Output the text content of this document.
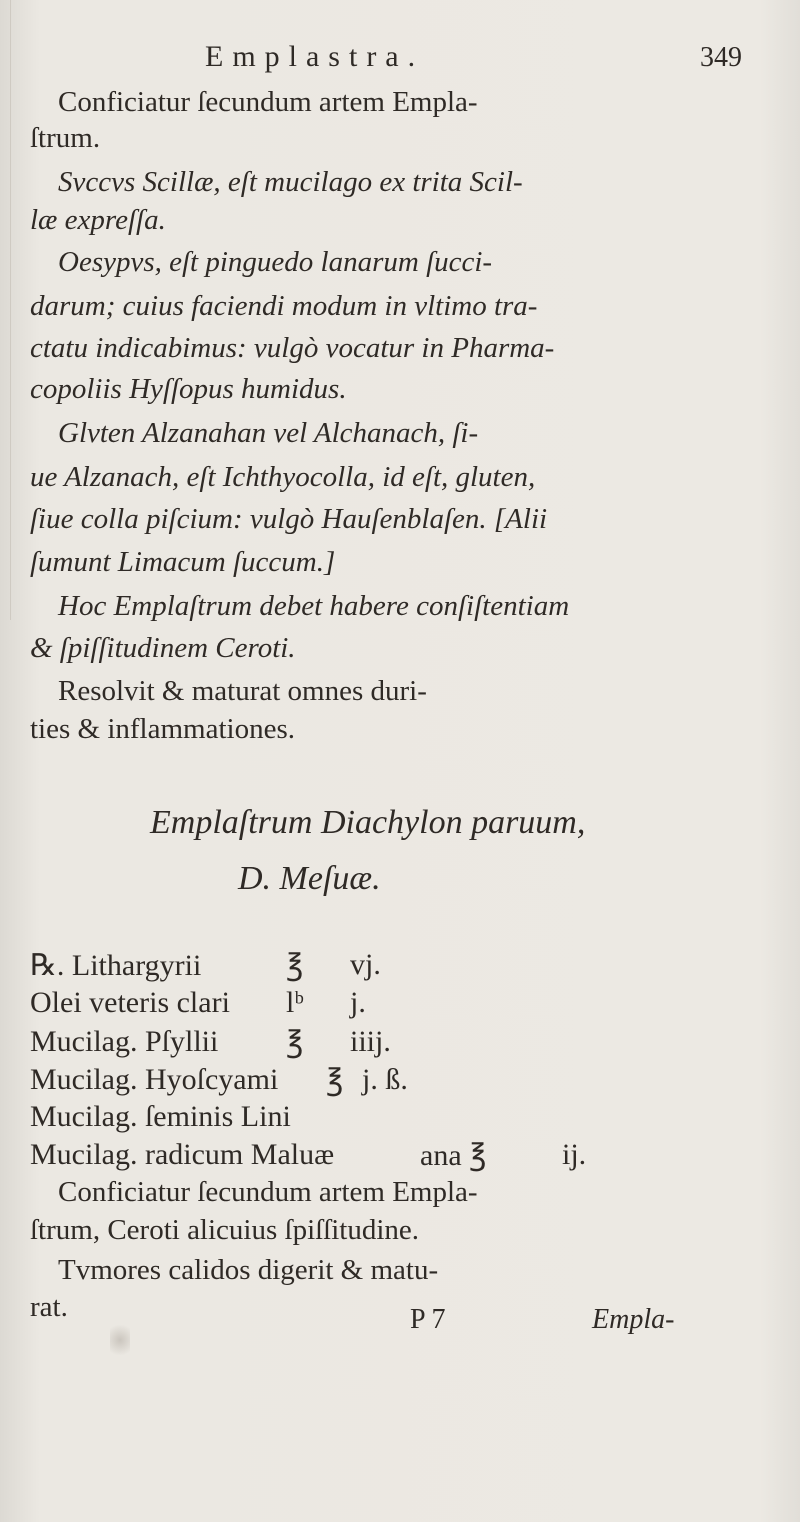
Emplastra.	349
Conficiatur ſecundum artem Empla-
ſtrum.
Svccvs Scillæ, eſt mucilago ex trita Scil-
læ expreſſa.
Oesypvs, eſt pinguedo lanarum ſucci-
darum; cuius faciendi modum in vltimo tra-
ctatu indicabimus: vulgò vocatur in Pharma-
copoliis Hyſſopus humidus.
Glvten Alzanahan vel Alchanach, ſi-
ue Alzanach, eſt Ichthyocolla, id eſt, gluten,
ſiue colla piſcium: vulgò Hauſenblaſen. [Alii
ſumunt Limacum ſuccum.]
Hoc Emplaſtrum debet habere conſiſtentiam
& ſpiſſitudinem Ceroti.
Resolvit & maturat omnes duri-
ties & inflammationes.
Emplaſtrum Diachylon paruum,
D. Meſuæ.
℞. Lithargyrii	℥ vj.
Olei veteris clari lᵇ j.
Mucilag. Pſyllii ℥ iiij.
Mucilag. Hyoſcyami ℥ j. ß.
Mucilag. ſeminis Lini
Mucilag. radicum Maluæ	ana ℥	ij.
Conficiatur ſecundum artem Empla-
ſtrum, Ceroti alicuius ſpiſſitudine.
Tvmores calidos digerit & matu-
rat.	P 7	Empla-
